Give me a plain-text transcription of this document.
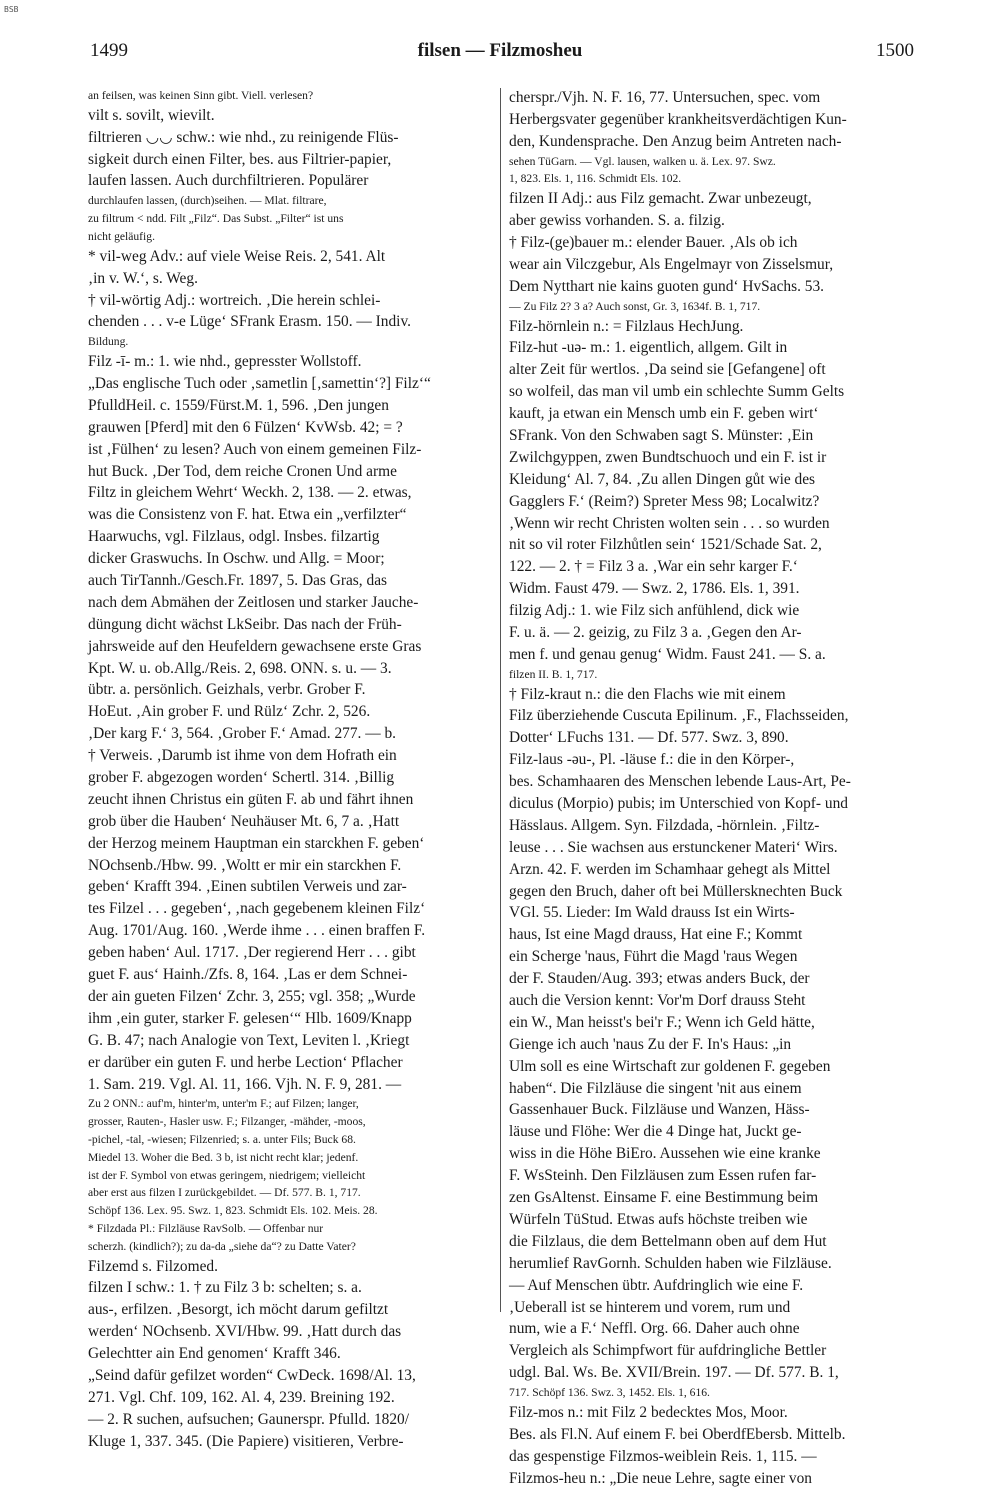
BSB
1499	filsen — Filzmosheu	1500
an feilsen, was keinen Sinn gibt. Viell. verlesen?
vilt s. sovilt, wievilt.
filtrieren ◡◡ schw.: wie nhd., zu reinigende Flüs-
sigkeit durch einen Filter, bes. aus Filtrier-papier,
laufen lassen. Auch durchfiltrieren. Populärer
durchlaufen lassen, (durch)seihen. — Mlat. filtrare,
zu filtrum < ndd. Filt „Filz“. Das Subst. „Filter“ ist uns
nicht geläufig.
* vil-weg Adv.: auf viele Weise Reis. 2, 541. Alt
‚in v. W.‘, s. Weg.
† vil-wörtig Adj.: wortreich. ‚Die herein schlei-
chenden . . . v-e Lüge‘ SFrank Erasm. 150. — Indiv.
Bildung.
Filz -ī- m.: 1. wie nhd., gepresster Wollstoff.
„Das englische Tuch oder ‚sametlin [‚samettin‘?] Filz‘“
PfulldHeil. c. 1559/Fürst.M. 1, 596. ‚Den jungen
grauwen [Pferd] mit den 6 Fülzen‘ KvWsb. 42; = ?
ist ‚Fülhen‘ zu lesen? Auch von einem gemeinen Filz-
hut Buck. ‚Der Tod, dem reiche Cronen Und arme
Filtz in gleichem Wehrt‘ Weckh. 2, 138. — 2. etwas,
was die Consistenz von F. hat. Etwa ein „verfilzter“
Haarwuchs, vgl. Filzlaus, odgl. Insbes. filzartig
dicker Graswuchs. In Oschw. und Allg. = Moor;
auch TirTannh./Gesch.Fr. 1897, 5. Das Gras, das
nach dem Abmähen der Zeitlosen und starker Jauche-
düngung dicht wächst LkSeibr. Das nach der Früh-
jahrsweide auf den Heufeldern gewachsene erste Gras
Kpt. W. u. ob.Allg./Reis. 2, 698. ONN. s. u. — 3.
übtr. a. persönlich. Geizhals, verbr. Grober F.
HoEut. ‚Ain grober F. und Rülz‘ Zchr. 2, 526.
‚Der karg F.‘ 3, 564. ‚Grober F.‘ Amad. 277. — b.
† Verweis. ‚Darumb ist ihme von dem Hofrath ein
grober F. abgezogen worden‘ Schertl. 314. ‚Billig
zeucht ihnen Christus ein güten F. ab und fährt ihnen
grob über die Hauben‘ Neuhäuser Mt. 6, 7 a. ‚Hatt
der Herzog meinem Hauptman ein starckhen F. geben‘
NOchsenb./Hbw. 99. ‚Woltt er mir ein starckhen F.
geben‘ Krafft 394. ‚Einen subtilen Verweis und zar-
tes Filzel . . . gegeben‘, ‚nach gegebenem kleinen Filz‘
Aug. 1701/Aug. 160. ‚Werde ihme . . . einen braffen F.
geben haben‘ Aul. 1717. ‚Der regierend Herr . . . gibt
guet F. aus‘ Hainh./Zfs. 8, 164. ‚Las er dem Schnei-
der ain gueten Filzen‘ Zchr. 3, 255; vgl. 358; „Wurde
ihm ‚ein guter, starker F. gelesen‘“ Hlb. 1609/Knapp
G. B. 47; nach Analogie von Text, Leviten l. ‚Kriegt
er darüber ein guten F. und herbe Lection‘ Pflacher
1. Sam. 219. Vgl. Al. 11, 166. Vjh. N. F. 9, 281. —
Zu 2 ONN.: auf'm, hinter'm, unter'm F.; auf Filzen; langer,
grosser, Rauten-, Hasler usw. F.; Filzanger, -mähder, -moos,
-pichel, -tal, -wiesen; Filzenried; s. a. unter Fils; Buck 68.
Miedel 13. Woher die Bed. 3 b, ist nicht recht klar; jedenf.
ist der F. Symbol von etwas geringem, niedrigem; vielleicht
aber erst aus filzen I zurückgebildet. — Df. 577. B. 1, 717.
Schöpf 136. Lex. 95. Swz. 1, 823. Schmidt Els. 102. Meis. 28.
* Filzdada Pl.: Filzläuse RavSolb. — Offenbar nur
scherzh. (kindlich?); zu da-da „siehe da“? zu Datte Vater?
Filzemd s. Filzomed.
filzen I schw.: 1. † zu Filz 3 b: schelten; s. a.
aus-, erfilzen. ‚Besorgt, ich möcht darum gefiltzt
werden‘ NOchsenb. XVI/Hbw. 99. ‚Hatt durch das
Gelechtter ain End genomen‘ Krafft 346.
„Seind dafür gefilzet worden“ CwDeck. 1698/Al. 13,
271. Vgl. Chf. 109, 162. Al. 4, 239. Breining 192.
— 2. R suchen, aufsuchen; Gaunerspr. Pfulld. 1820/
Kluge 1, 337. 345. (Die Papiere) visitieren, Verbre-
cherspr./Vjh. N. F. 16, 77. Untersuchen, spec. vom
Herbergsvater gegenüber krankheitsverdächtigen Kun-
den, Kundensprache. Den Anzug beim Antreten nach-
sehen TüGarn. — Vgl. lausen, walken u. ä. Lex. 97. Swz.
1, 823. Els. 1, 116. Schmidt Els. 102.
filzen II Adj.: aus Filz gemacht. Zwar unbezeugt,
aber gewiss vorhanden. S. a. filzig.
† Filz-(ge)bauer m.: elender Bauer. ‚Als ob ich
wear ain Vilczgebur, Als Engelmayr von Zisselsmur,
Dem Nytthart nie kains guoten gund‘ HvSachs. 53.
— Zu Filz 2? 3 a? Auch sonst, Gr. 3, 1634f. B. 1, 717.
Filz-hörnlein n.: = Filzlaus HechJung.
Filz-hut -uə- m.: 1. eigentlich, allgem. Gilt in
alter Zeit für wertlos. ‚Da seind sie [Gefangene] oft
so wolfeil, das man vil umb ein schlechte Summ Gelts
kauft, ja etwan ein Mensch umb ein F. geben wirt‘
SFrank. Von den Schwaben sagt S. Münster: ‚Ein
Zwilchgyppen, zwen Bundtschuoch und ein F. ist ir
Kleidung‘ Al. 7, 84. ‚Zu allen Dingen gůt wie des
Gagglers F.‘ (Reim?) Spreter Mess 98; Localwitz?
‚Wenn wir recht Christen wolten sein . . . so wurden
nit so vil roter Filzhůtlen sein‘ 1521/Schade Sat. 2,
122. — 2. † = Filz 3 a. ‚War ein sehr karger F.‘
Widm. Faust 479. — Swz. 2, 1786. Els. 1, 391.
filzig Adj.: 1. wie Filz sich anfühlend, dick wie
F. u. ä. — 2. geizig, zu Filz 3 a. ‚Gegen den Ar-
men f. und genau genug‘ Widm. Faust 241. — S. a.
filzen II. B. 1, 717.
† Filz-kraut n.: die den Flachs wie mit einem
Filz überziehende Cuscuta Epilinum. ‚F., Flachsseiden,
Dotter‘ LFuchs 131. — Df. 577. Swz. 3, 890.
Filz-laus -əu-, Pl. -läuse f.: die in den Körper-,
bes. Schamhaaren des Menschen lebende Laus-Art, Pe-
diculus (Morpio) pubis; im Unterschied von Kopf- und
Hässlaus. Allgem. Syn. Filzdada, -hörnlein. ‚Filtz-
leuse . . . Sie wachsen aus erstunckener Materi‘ Wirs.
Arzn. 42. F. werden im Schamhaar gehegt als Mittel
gegen den Bruch, daher oft bei Müllersknechten Buck
VGl. 55. Lieder: Im Wald drauss Ist ein Wirts-
haus, Ist eine Magd drauss, Hat eine F.; Kommt
ein Scherge 'naus, Führt die Magd 'raus Wegen
der F. Stauden/Aug. 393; etwas anders Buck, der
auch die Version kennt: Vor'm Dorf drauss Steht
ein W., Man heisst's bei'r F.; Wenn ich Geld hätte,
Gienge ich auch 'naus Zu der F. In's Haus: „in
Ulm soll es eine Wirtschaft zur goldenen F. gegeben
haben“. Die Filzläuse die singent 'nit aus einem
Gassenhauer Buck. Filzläuse und Wanzen, Häss-
läuse und Flöhe: Wer die 4 Dinge hat, Juckt ge-
wiss in die Höhe BiEro. Aussehen wie eine kranke
F. WsSteinh. Den Filzläusen zum Essen rufen far-
zen GsAltenst. Einsame F. eine Bestimmung beim
Würfeln TüStud. Etwas aufs höchste treiben wie
die Filzlaus, die dem Bettelmann oben auf dem Hut
herumlief RavGornh. Schulden haben wie Filzläuse.
— Auf Menschen übtr. Aufdringlich wie eine F.
‚Ueberall ist se hinterem und vorem, rum und
num, wie a F.‘ Neffl. Org. 66. Daher auch ohne
Vergleich als Schimpfwort für aufdringliche Bettler
udgl. Bal. Ws. Be. XVII/Brein. 197. — Df. 577. B. 1,
717. Schöpf 136. Swz. 3, 1452. Els. 1, 616.
Filz-mos n.: mit Filz 2 bedecktes Mos, Moor.
Bes. als Fl.N. Auf einem F. bei OberdfEbersb. Mittelb.
das gespenstige Filzmos-weiblein Reis. 1, 115. —
Filzmos-heu n.: „Die neue Lehre, sagte einer von
